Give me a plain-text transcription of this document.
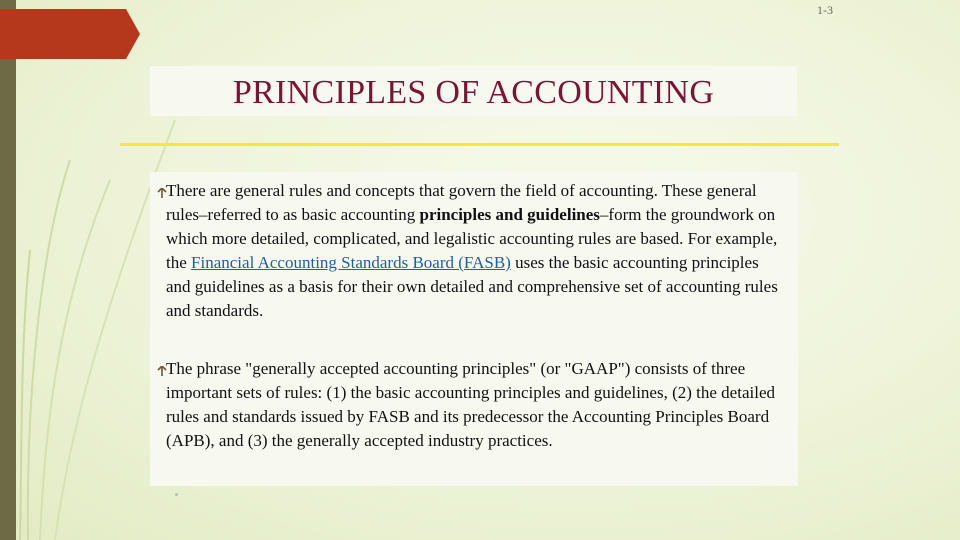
1-3
PRINCIPLES OF ACCOUNTING
There are general rules and concepts that govern the field of accounting. These general rules–referred to as basic accounting principles and guidelines–form the groundwork on which more detailed, complicated, and legalistic accounting rules are based. For example, the Financial Accounting Standards Board (FASB) uses the basic accounting principles and guidelines as a basis for their own detailed and comprehensive set of accounting rules and standards.
The phrase "generally accepted accounting principles" (or "GAAP") consists of three important sets of rules: (1) the basic accounting principles and guidelines, (2) the detailed rules and standards issued by FASB and its predecessor the Accounting Principles Board (APB), and (3) the generally accepted industry practices.
